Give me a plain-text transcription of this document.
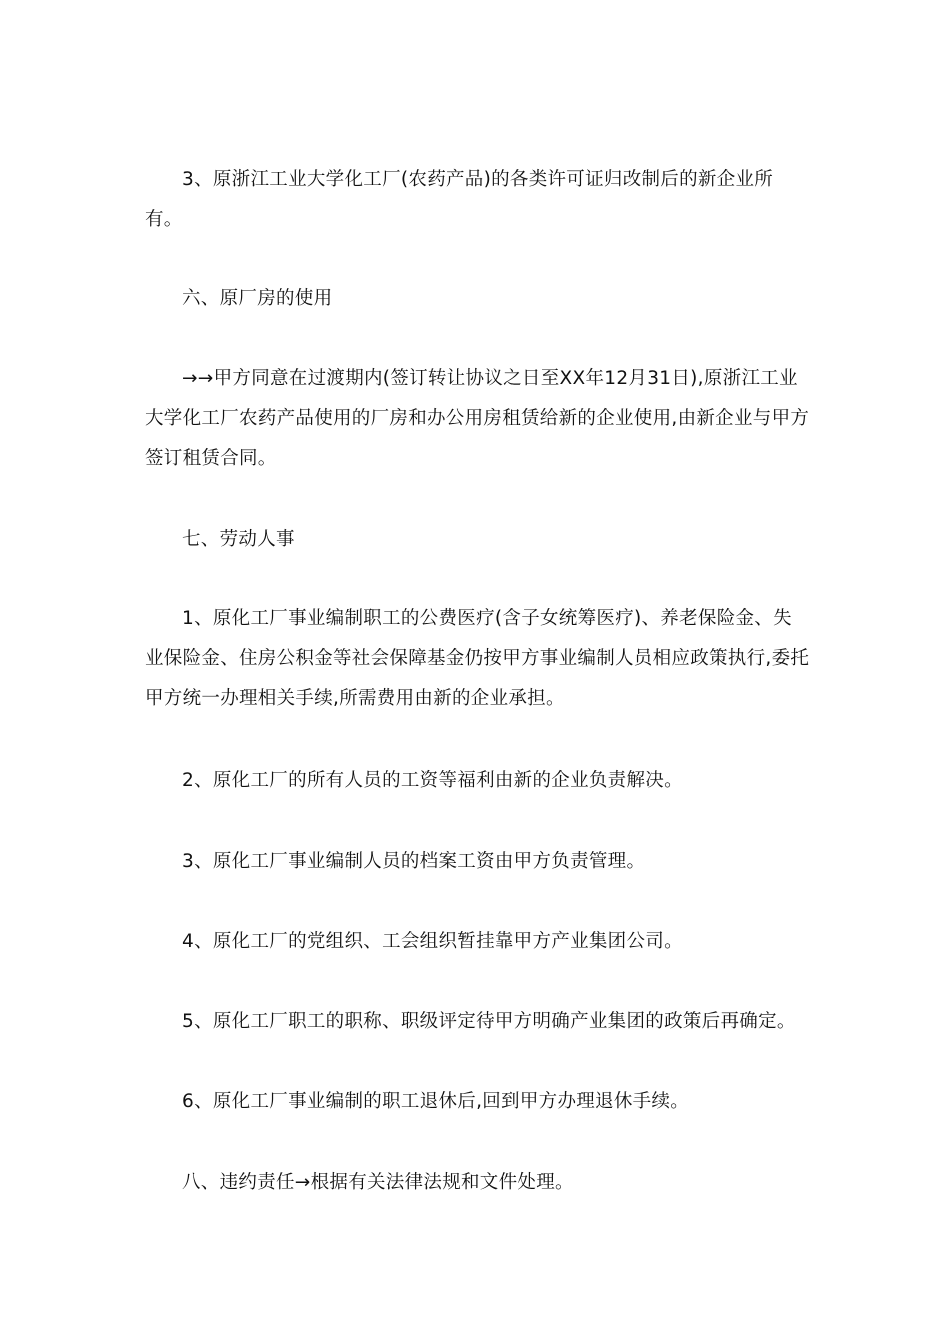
3、原浙江工业大学化工厂(农药产品)的各类许可证归改制后的新企业所有。

六、原厂房的使用

→→甲方同意在过渡期内(签订转让协议之日至XX年12月31日),原浙江工业大学化工厂农药产品使用的厂房和办公用房租赁给新的企业使用,由新企业与甲方签订租赁合同。

七、劳动人事

1、原化工厂事业编制职工的公费医疗(含子女统筹医疗)、养老保险金、失业保险金、住房公积金等社会保障基金仍按甲方事业编制人员相应政策执行,委托甲方统一办理相关手续,所需费用由新的企业承担。

2、原化工厂的所有人员的工资等福利由新的企业负责解决。

3、原化工厂事业编制人员的档案工资由甲方负责管理。

4、原化工厂的党组织、工会组织暂挂靠甲方产业集团公司。

5、原化工厂职工的职称、职级评定待甲方明确产业集团的政策后再确定。

6、原化工厂事业编制的职工退休后,回到甲方办理退休手续。

八、违约责任→根据有关法律法规和文件处理。
